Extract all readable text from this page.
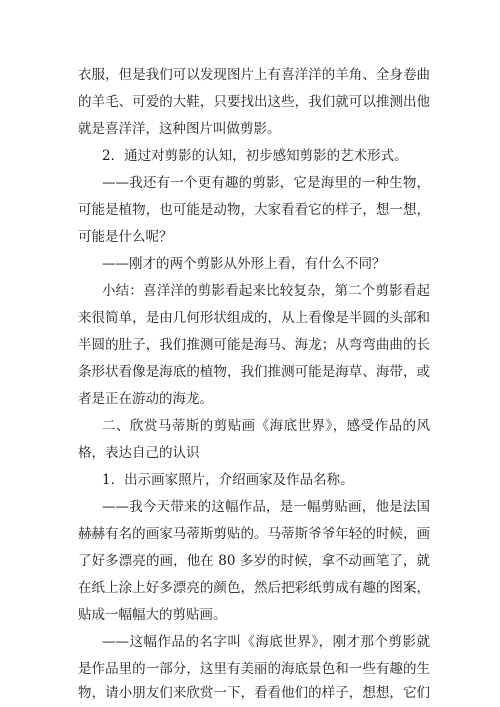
衣服，但是我们可以发现图片上有喜洋洋的羊角、全身卷曲
的羊毛、可爱的大鞋，只要找出这些，我们就可以推测出他
就是喜洋洋，这种图片叫做剪影。
2．通过对剪影的认知，初步感知剪影的艺术形式。
——我还有一个更有趣的剪影，它是海里的一种生物，
可能是植物，也可能是动物，大家看看它的样子，想一想，
可能是什么呢？
——刚才的两个剪影从外形上看，有什么不同？
小结：喜洋洋的剪影看起来比较复杂，第二个剪影看起
来很简单，是由几何形状组成的，从上看像是半圆的头部和
半圆的肚子，我们推测可能是海马、海龙；从弯弯曲曲的长
条形状看像是海底的植物，我们推测可能是海草、海带，或
者是正在游动的海龙。
二、欣赏马蒂斯的剪贴画《海底世界》，感受作品的风
格，表达自己的认识
1．出示画家照片，介绍画家及作品名称。
——我今天带来的这幅作品，是一幅剪贴画，他是法国
赫赫有名的画家马蒂斯剪贴的。马蒂斯爷爷年轻的时候，画
了好多漂亮的画，他在 80 多岁的时候，拿不动画笔了，就
在纸上涂上好多漂亮的颜色，然后把彩纸剪成有趣的图案，
贴成一幅幅大的剪贴画。
——这幅作品的名字叫《海底世界》，刚才那个剪影就
是作品里的一部分，这里有美丽的海底景色和一些有趣的生
物，请小朋友们来欣赏一下，看看他们的样子，想想，它们
